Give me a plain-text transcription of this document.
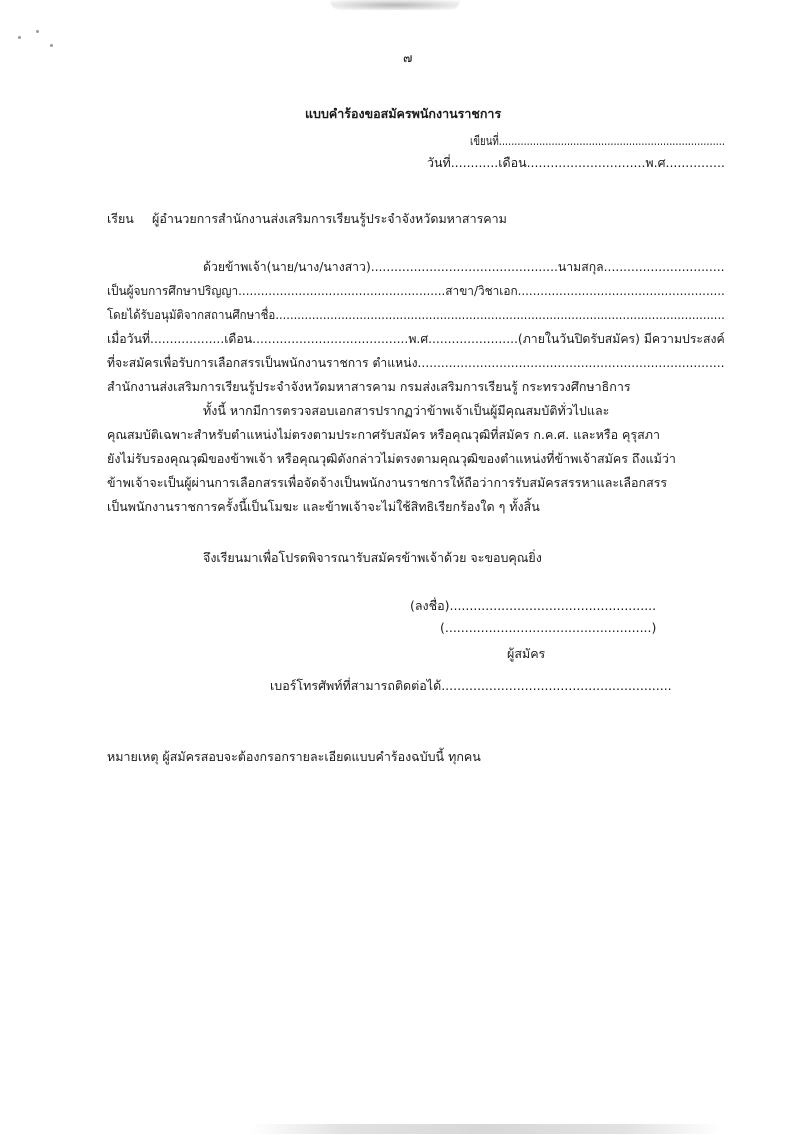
๗
แบบคำร้องขอสมัครพนักงานราชการ
เขียนที่.........................................................................
วันที่............เดือน..............................พ.ศ...............
เรียน ผู้อำนวยการสำนักงานส่งเสริมการเรียนรู้ประจำจังหวัดมหาสารคาม
ด้วยข้าพเจ้า(นาย/นาง/นางสาว)................................................นามสกุล...............................
เป็นผู้จบการศึกษาปริญญา.......................................................สาขา/วิชาเอก.......................................................
โดยได้รับอนุมัติจากสถานศึกษาชื่อ...........................................................................................................................
เมื่อวันที่...................เดือน........................................พ.ศ.......................(ภายในวันปิดรับสมัคร) มีความประสงค์
ที่จะสมัครเพื่อรับการเลือกสรรเป็นพนักงานราชการ ตำแหน่ง...............................................................................
สำนักงานส่งเสริมการเรียนรู้ประจำจังหวัดมหาสารคาม กรมส่งเสริมการเรียนรู้ กระทรวงศึกษาธิการ
ทั้งนี้ หากมีการตรวจสอบเอกสารปรากฏว่าข้าพเจ้าเป็นผู้มีคุณสมบัติทั่วไปและ
คุณสมบัติเฉพาะสำหรับตำแหน่งไม่ตรงตามประกาศรับสมัคร หรือคุณวุฒิที่สมัคร ก.ค.ศ. และหรือ คุรุสภา
ยังไม่รับรองคุณวุฒิของข้าพเจ้า หรือคุณวุฒิดังกล่าวไม่ตรงตามคุณวุฒิของตำแหน่งที่ข้าพเจ้าสมัคร ถึงแม้ว่า
ข้าพเจ้าจะเป็นผู้ผ่านการเลือกสรรเพื่อจัดจ้างเป็นพนักงานราชการให้ถือว่าการรับสมัครสรรหาและเลือกสรร
เป็นพนักงานราชการครั้งนี้เป็นโมฆะ และข้าพเจ้าจะไม่ใช้สิทธิเรียกร้องใด ๆ ทั้งสิ้น
จึงเรียนมาเพื่อโปรดพิจารณารับสมัครข้าพเจ้าด้วย จะขอบคุณยิ่ง
(ลงชื่อ)....................................................
(....................................................)
ผู้สมัคร
เบอร์โทรศัพท์ที่สามารถติดต่อได้..........................................................
หมายเหตุ ผู้สมัครสอบจะต้องกรอกรายละเอียดแบบคำร้องฉบับนี้ ทุกคน
